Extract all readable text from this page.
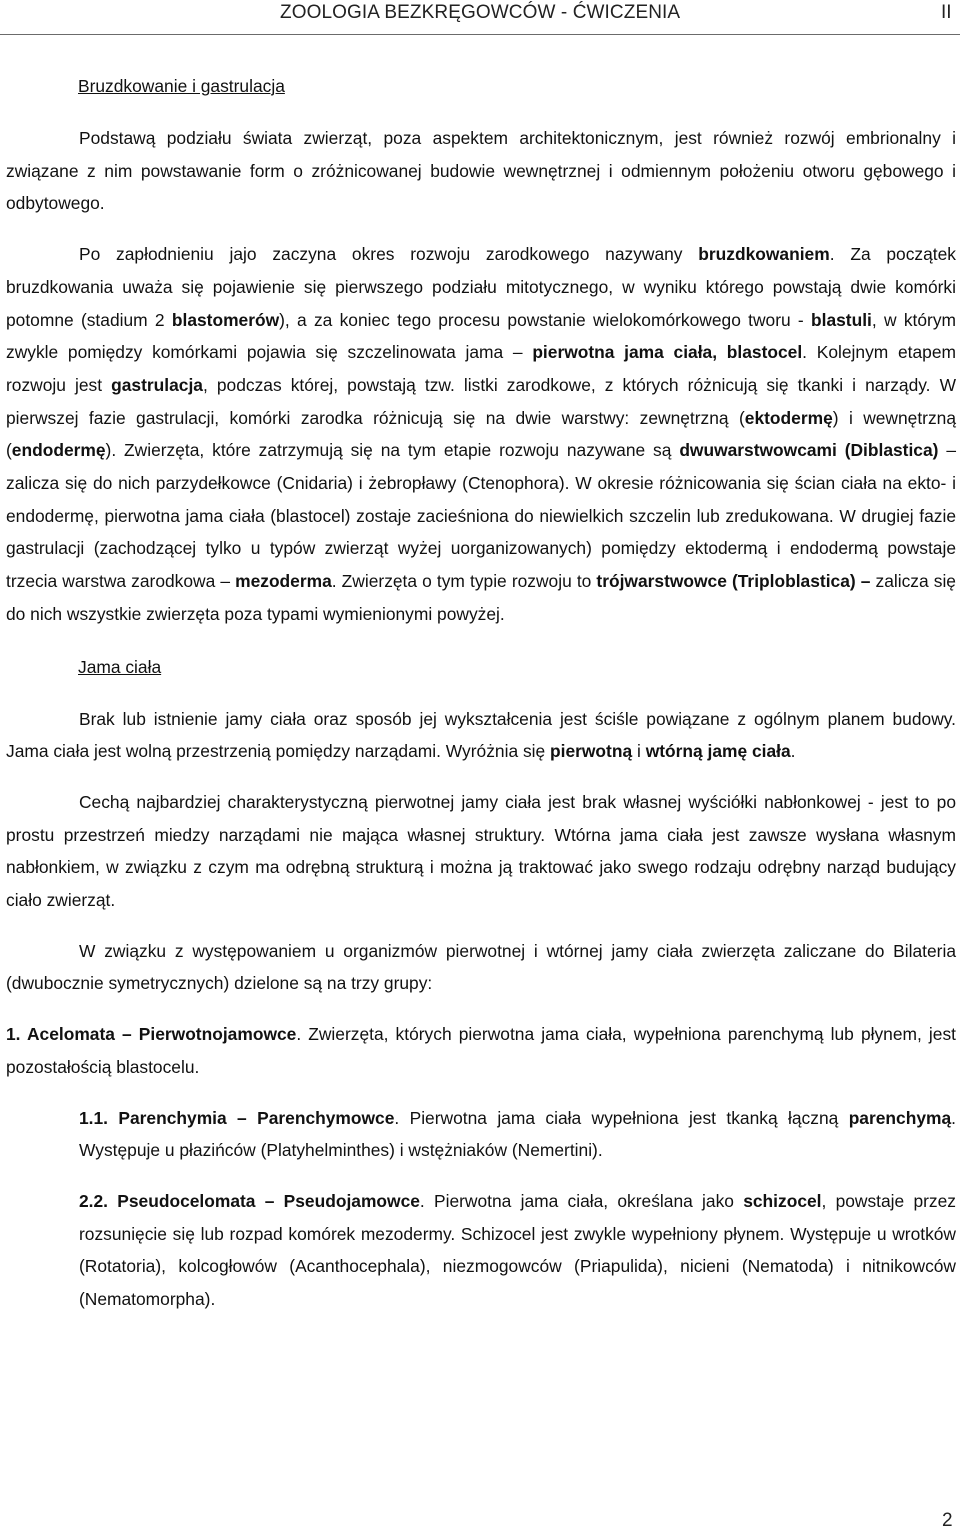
ZOOLOGIA BEZKRĘGOWCÓW - ĆWICZENIA	II
Bruzdkowanie i gastrulacja

Podstawą podziału świata zwierząt, poza aspektem architektonicznym, jest również rozwój embrionalny i związane z nim powstawanie form o zróżnicowanej budowie wewnętrznej i odmiennym położeniu otworu gębowego i odbytowego.

Po zapłodnieniu jajo zaczyna okres rozwoju zarodkowego nazywany bruzdkowaniem. Za początek bruzdkowania uważa się pojawienie się pierwszego podziału mitotycznego, w wyniku którego powstają dwie komórki potomne (stadium 2 blastomerów), a za koniec tego procesu powstanie wielokomórkowego tworu - blastuli, w którym zwykle pomiędzy komórkami pojawia się szczelinowata jama – pierwotna jama ciała, blastocel. Kolejnym etapem rozwoju jest gastrulacja, podczas której, powstają tzw. listki zarodkowe, z których różnicują się tkanki i narządy. W pierwszej fazie gastrulacji, komórki zarodka różnicują się na dwie warstwy: zewnętrzną (ektodermę) i wewnętrzną (endodermę). Zwierzęta, które zatrzymują się na tym etapie rozwoju nazywane są dwuwarstwowcami (Diblastica) – zalicza się do nich parzydełkowce (Cnidaria) i żebropławy (Ctenophora). W okresie różnicowania się ścian ciała na ekto- i endodermę, pierwotna jama ciała (blastocel) zostaje zacieśniona do niewielkich szczelin lub zredukowana. W drugiej fazie gastrulacji (zachodzącej tylko u typów zwierząt wyżej uorganizowanych) pomiędzy ektodermą i endodermą powstaje trzecia warstwa zarodkowa – mezoderma. Zwierzęta o tym typie rozwoju to trójwarstwowce (Triploblastica) – zalicza się do nich wszystkie zwierzęta poza typami wymienionymi powyżej.

Jama ciała

Brak lub istnienie jamy ciała oraz sposób jej wykształcenia jest ściśle powiązane z ogólnym planem budowy. Jama ciała jest wolną przestrzenią pomiędzy narządami. Wyróżnia się pierwotną i wtórną jamę ciała.

Cechą najbardziej charakterystyczną pierwotnej jamy ciała jest brak własnej wyściółki nabłonkowej - jest to po prostu przestrzeń miedzy narządami nie mająca własnej struktury. Wtórna jama ciała jest zawsze wysłana własnym nabłonkiem, w związku z czym ma odrębną strukturą i można ją traktować jako swego rodzaju odrębny narząd budujący ciało zwierząt.

W związku z występowaniem u organizmów pierwotnej i wtórnej jamy ciała zwierzęta zaliczane do Bilateria (dwubocznie symetrycznych) dzielone są na trzy grupy:

1. Acelomata – Pierwotnojamowce. Zwierzęta, których pierwotna jama ciała, wypełniona parenchymą lub płynem, jest pozostałością blastocelu.

1.1. Parenchymia – Parenchymowce. Pierwotna jama ciała wypełniona jest tkanką łączną parenchymą. Występuje u płazińców (Platyhelminthes) i wstężniaków (Nemertini).

2.2. Pseudocelomata – Pseudojamowce. Pierwotna jama ciała, określana jako schizocel, powstaje przez rozsunięcie się lub rozpad komórek mezodermy. Schizocel jest zwykle wypełniony płynem. Występuje u wrotków (Rotatoria), kolcogłowów (Acanthocephala), niezmogowców (Priapulida), nicieni (Nematoda) i nitnikowców (Nematomorpha).

2
